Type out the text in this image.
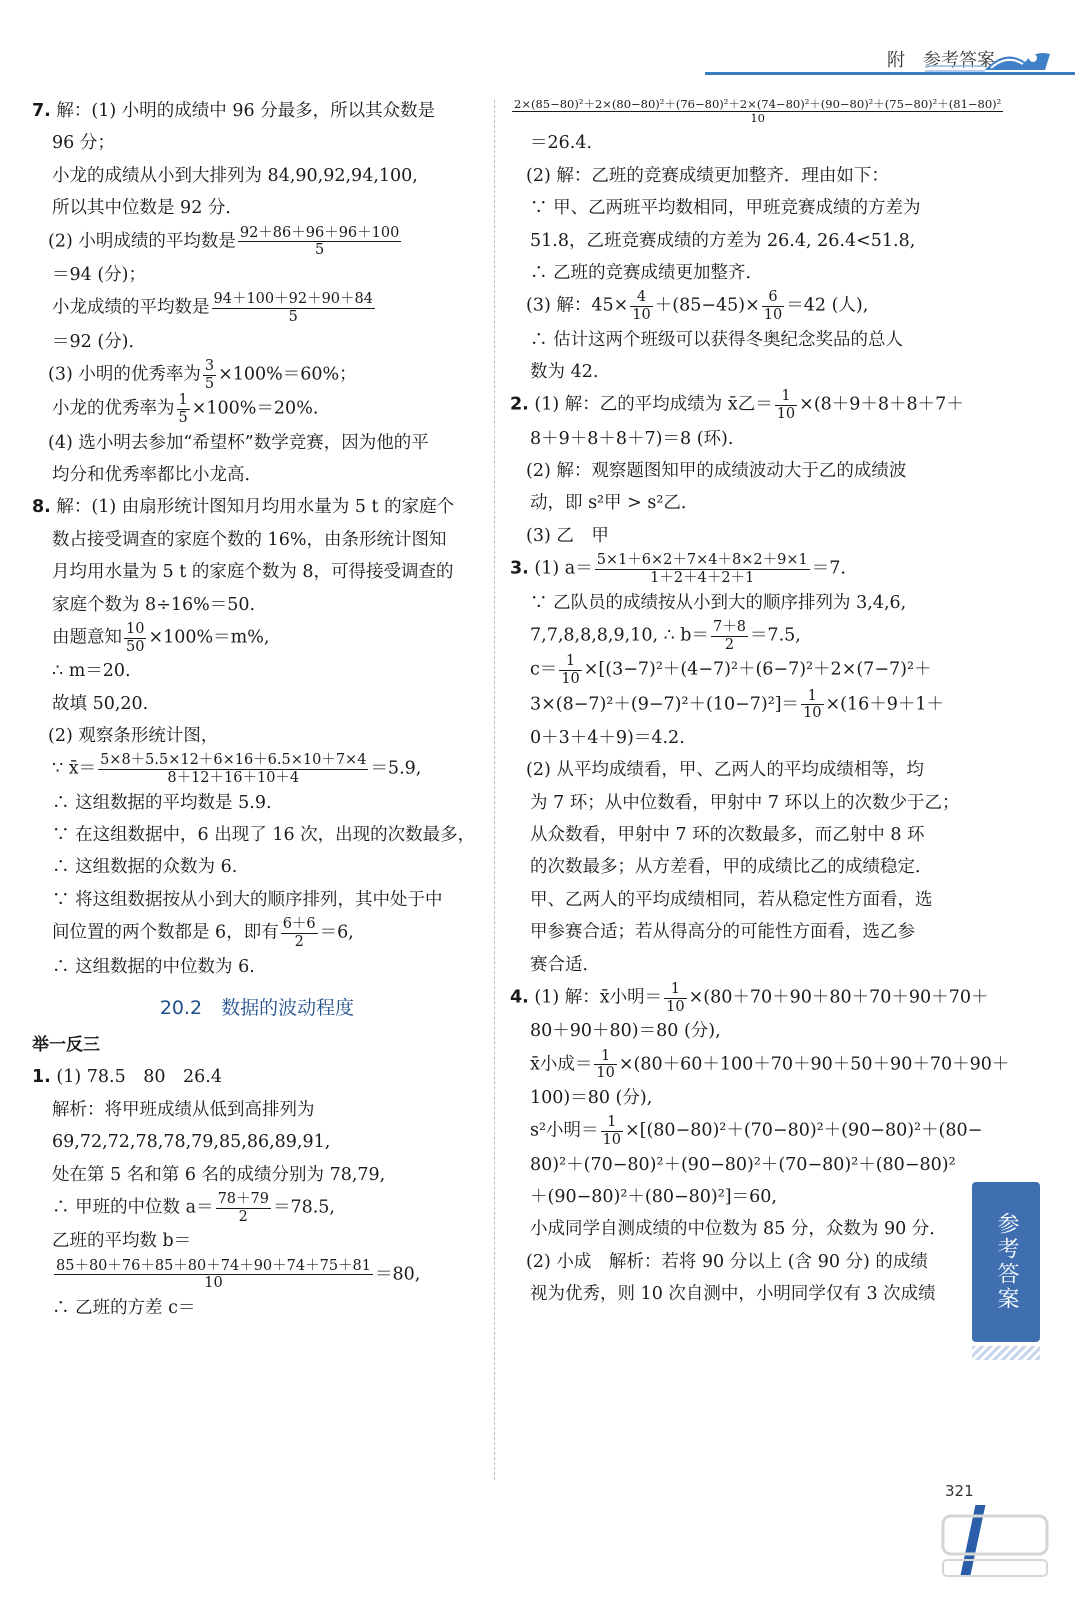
附　参考答案

7. 解：(1) 小明的成绩中 96 分最多，所以其众数是

96 分；

小龙的成绩从小到大排列为 84,90,92,94,100,

所以其中位数是 92 分．

(2) 小明成绩的平均数是 $\frac{92+86+96+96+100}{5}$

＝94 (分)；

小龙成绩的平均数是 $\frac{94+100+92+90+84}{5}$

＝92 (分)．

(3) 小明的优秀率为 $\frac{3}{5} \times 100\%=60\%$；

小龙的优秀率为 $\frac{1}{5} \times 100\%=20\%$.

(4) 选小明去参加“希望杯”数学竞赛，因为他的平

均分和优秀率都比小龙高．

8. 解：(1) 由扇形统计图知月均用水量为 5 t 的家庭个

数占接受调查的家庭个数的 16%，由条形统计图知

月均用水量为 5 t 的家庭个数为 8，可得接受调查的

家庭个数为 8÷16%＝50.

由题意知 $\frac{10}{50} \times 100\%=m\%$,

∴ m＝20.

故填 50,20.

(2) 观察条形统计图，

∵ x̄＝ $\frac{5\times 8+5.5\times 12+6\times 16+6.5\times 10+7\times 4}{8+12+16+10+4} =5.9$,

∴ 这组数据的平均数是 5.9.

∵ 在这组数据中，6 出现了 16 次，出现的次数最多，

∴ 这组数据的众数为 6.

∵ 将这组数据按从小到大的顺序排列，其中处于中

间位置的两个数都是 6，即有 $\frac{6+6}{2} =6$,

∴ 这组数据的中位数为 6.

20.2　数据的波动程度

举一反三

1. (1) 78.5　80　26.4

解析：将甲班成绩从低到高排列为

69,72,72,78,78,79,85,86,89,91,

处在第 5 名和第 6 名的成绩分别为 78,79,

∴ 甲班的中位数 $a= \frac{78+79}{2} =78.5$,

乙班的平均数 b＝

$\frac{85+80+76+85+80+74+90+74+75+81}{10} =80$,

∴ 乙班的方差 c＝

2×(85−80)²＋2×(80−80)²＋(76−80)²＋2×(74−80)²＋(90−80)²＋(75−80)²＋(81−80)²
10

＝26.4.

(2) 解：乙班的竞赛成绩更加整齐．理由如下：

∵ 甲、乙两班平均数相同，甲班竞赛成绩的方差为

51.8，乙班竞赛成绩的方差为 26.4, 26.4<51.8,

∴ 乙班的竞赛成绩更加整齐．

(3) 解：$45\times \frac{4}{10} +(85-45)\times \frac{6}{10} =42$ (人),

∴ 估计这两个班级可以获得冬奥纪念奖品的总人

数为 42.

2. (1) 解：乙的平均成绩为 x̄乙＝ $\frac{1}{10} \times(8+9+8+8+7+$

8＋9＋8＋8＋7)＝8 (环).

(2) 解：观察题图知甲的成绩波动大于乙的成绩波

动，即 s²甲 > s²乙．

(3) 乙　甲

3. (1) $a= \frac{5\times 1+6\times 2+7\times 4+8\times 2+9\times 1}{1+2+4+2+1} =7$.

∵ 乙队员的成绩按从小到大的顺序排列为 3,4,6,

7,7,8,8,8,9,10, ∴ $b= \frac{7+8}{2} =7.5$,

$c= \frac{1}{10} \times[(3-7)^2+(4-7)^2+(6-7)^2+2\times(7-7)^2+$

$3\times(8-7)^2+(9-7)^2+(10-7)^2]= \frac{1}{10} \times(16+9+1+$

0＋3＋4＋9)＝4.2.

(2) 从平均成绩看，甲、乙两人的平均成绩相等，均

为 7 环；从中位数看，甲射中 7 环以上的次数少于乙；

从众数看，甲射中 7 环的次数最多，而乙射中 8 环

的次数最多；从方差看，甲的成绩比乙的成绩稳定．

甲、乙两人的平均成绩相同，若从稳定性方面看，选

甲参赛合适；若从得高分的可能性方面看，选乙参

赛合适．

4. (1) 解：x̄小明＝ $\frac{1}{10} \times(80+70+90+80+70+90+70+$

80＋90＋80)＝80 (分),

x̄小成＝ $\frac{1}{10} \times(80+60+100+70+90+50+90+70+90+$

100)＝80 (分),

s²小明＝ $\frac{1}{10} \times[(80-80)^2+(70-80)^2+(90-80)^2+(80-$

80)²＋(70−80)²＋(90−80)²＋(70−80)²＋(80−80)²

＋(90−80)²＋(80−80)²]＝60,

小成同学自测成绩的中位数为 85 分，众数为 90 分．

(2) 小成　解析：若将 90 分以上 (含 90 分) 的成绩

视为优秀，则 10 次自测中，小明同学仅有 3 次成绩	参考答案
321
